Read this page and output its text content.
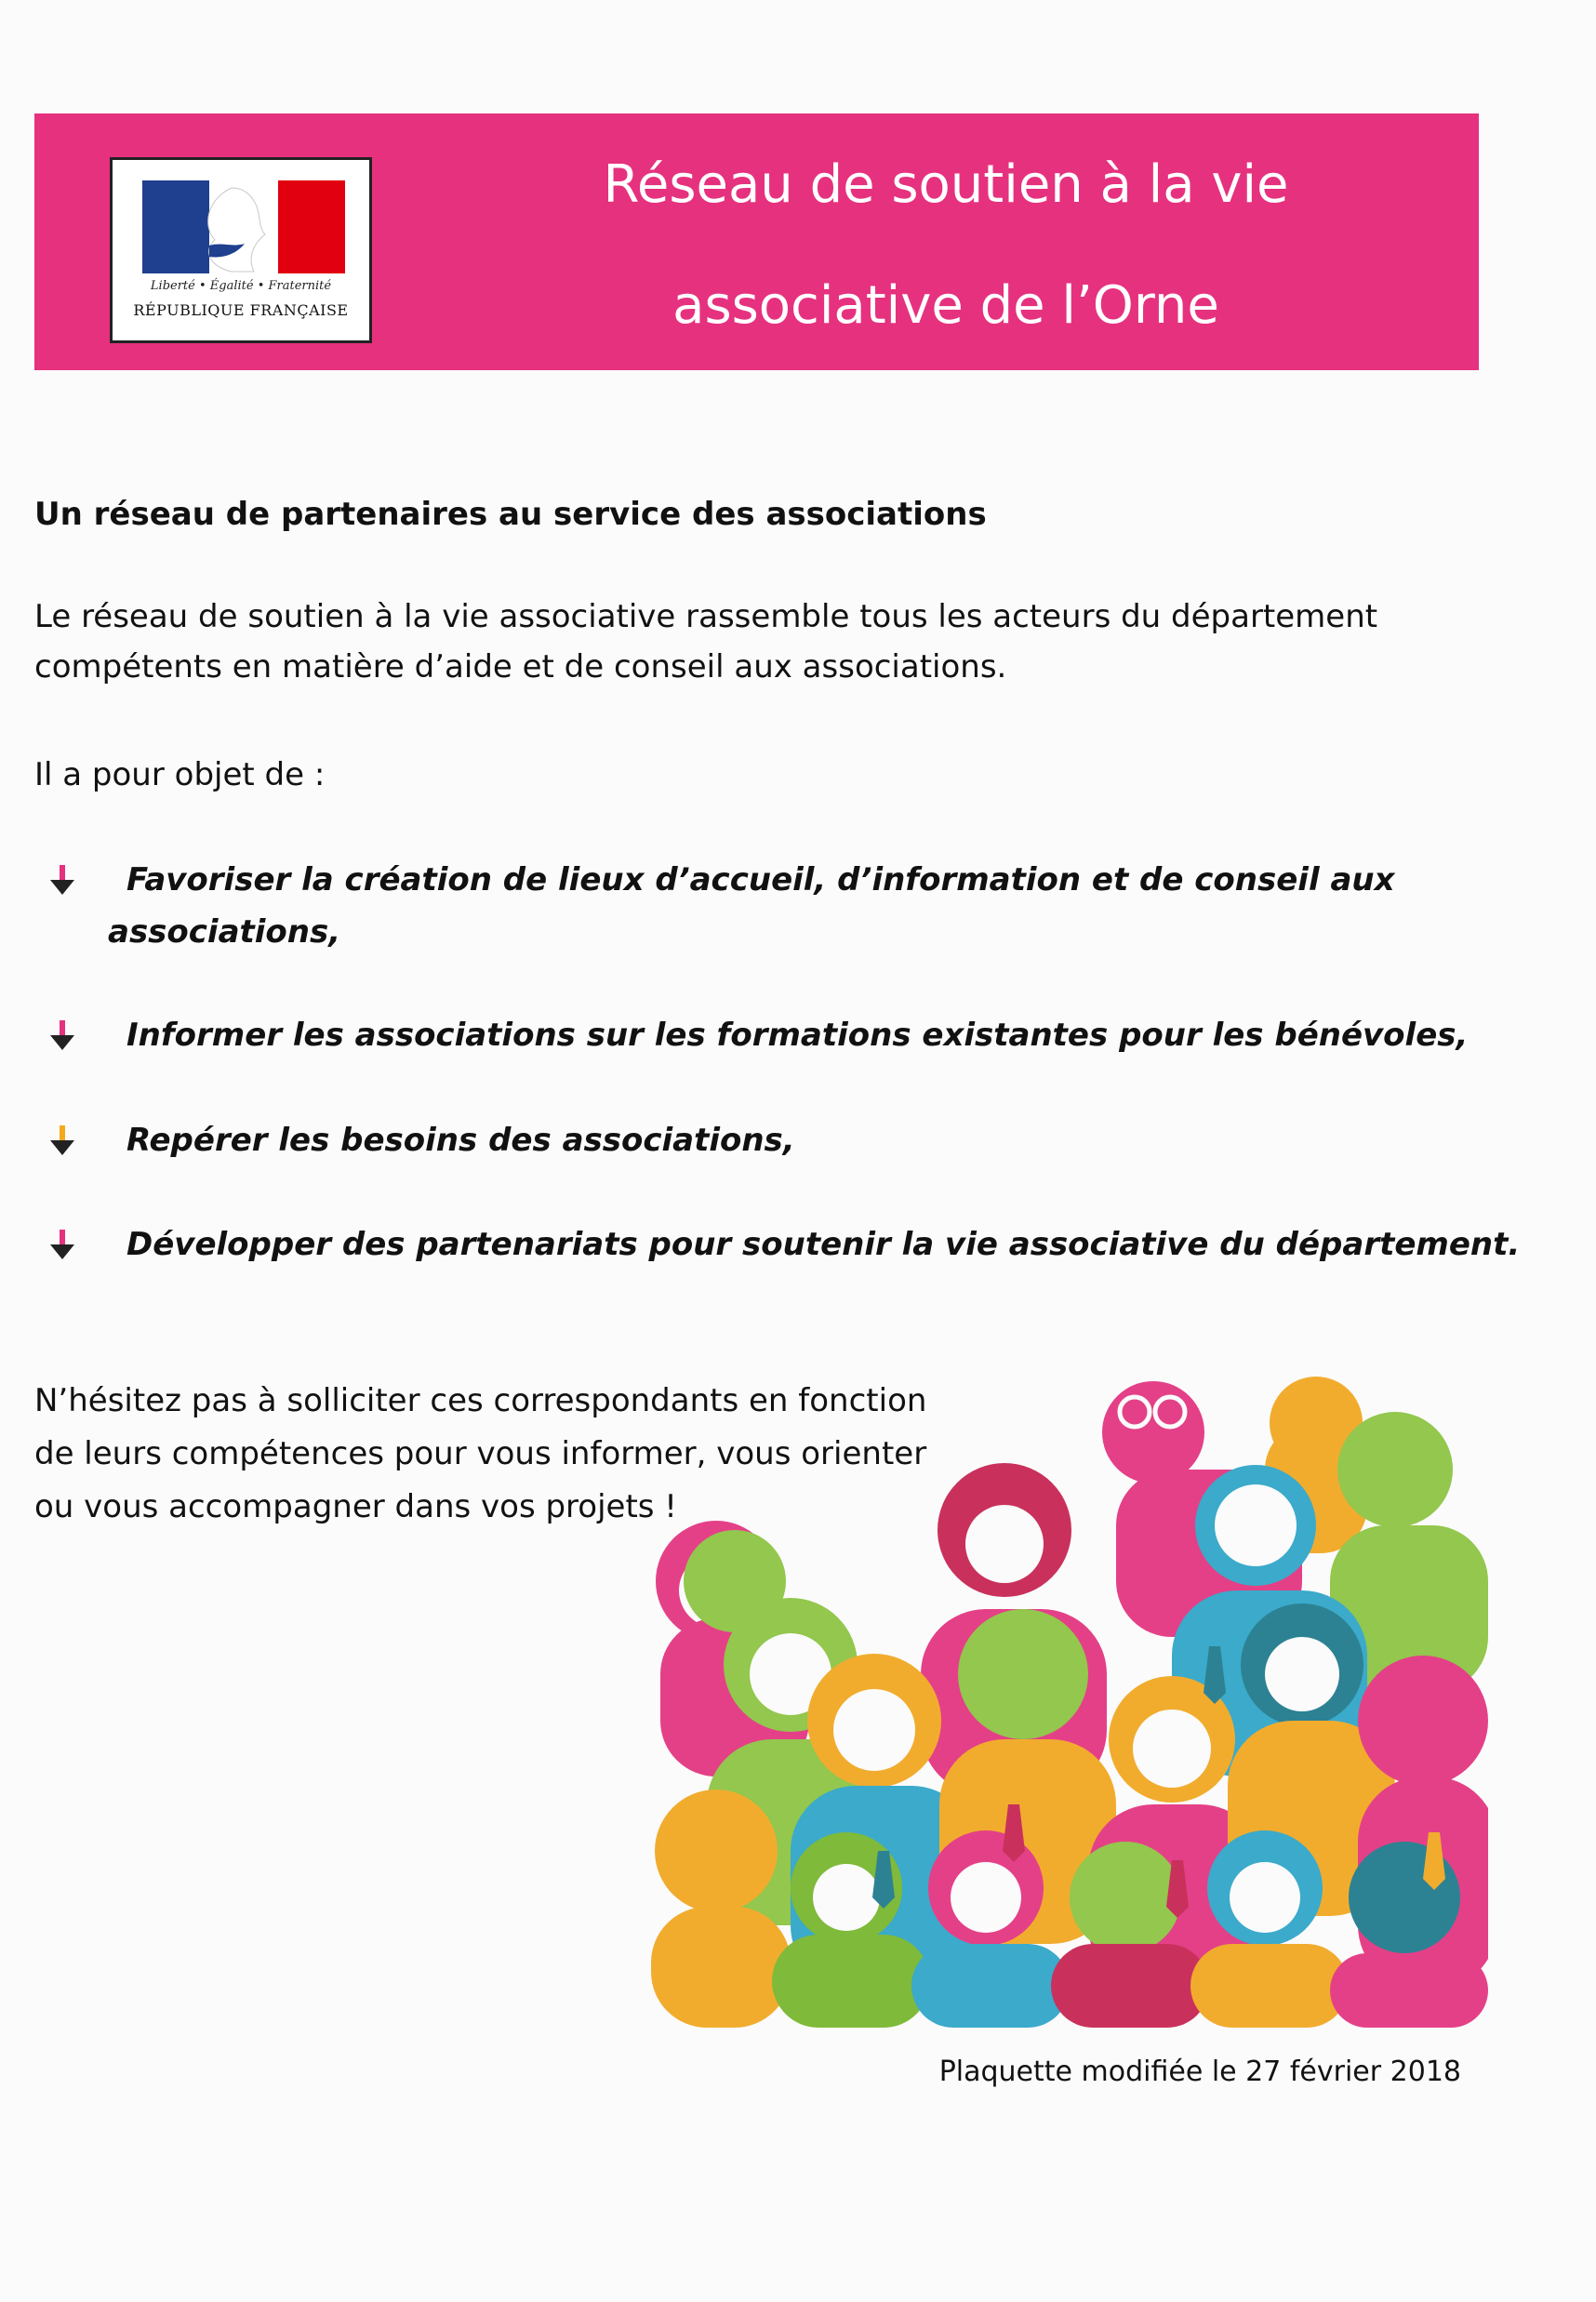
Liberté • Égalité • Fraternité
RÉPUBLIQUE FRANÇAISE
Réseau de soutien à la vie
associative de l’Orne
Un réseau de partenaires au service des associations
Le réseau de soutien à la vie associative rassemble tous les acteurs du département compétents en matière d’aide et de conseil aux associations.
Il a pour objet de :
Favoriser la création de lieux d’accueil, d’information et de conseil aux
associations,
Informer les associations sur les formations existantes pour les bénévoles,
Repérer les besoins des associations,
Développer des partenariats pour soutenir la vie associative du département.
N’hésitez pas à solliciter ces correspondants en fonction
de leurs compétences pour vous informer, vous orienter
ou vous accompagner dans vos projets !
Plaquette modifiée le 27 février 2018
